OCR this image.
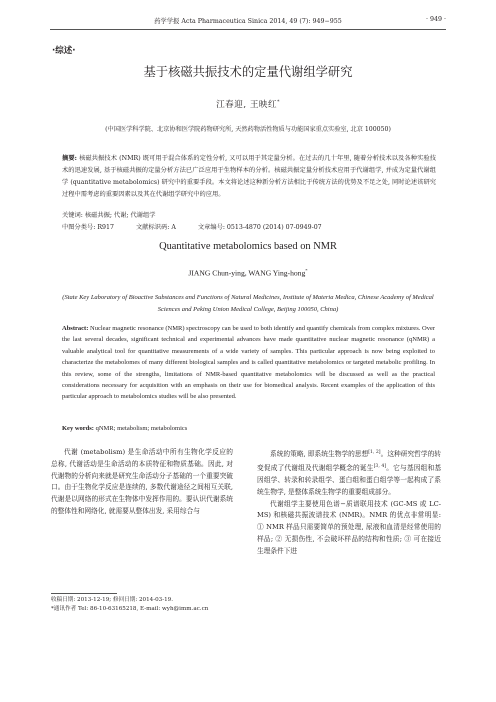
药学学报 Acta Pharmaceutica Sinica 2014, 49 (7): 949−955	· 949 ·
·综述·
基于核磁共振技术的定量代谢组学研究
江春迎, 王映红*
(中国医学科学院、北京协和医学院药物研究所, 天然药物活性物质与功能国家重点实验室, 北京 100050)
摘要: 核磁共振技术 (NMR) 既可用于混合体系的定性分析, 又可以用于其定量分析。在过去的几十年里, 随着分析技术以及各种实验技术的迅速发展, 基于核磁共振的定量分析方法已广泛应用于生物样本的分析。核磁共振定量分析技术应用于代谢组学, 并成为定量代谢组学 (quantitative metabolomics) 研究中的重要手段。本文将论述这种新分析方法相比于传统方法的优势及不足之处, 同时论述该研究过程中需考虑的重要因素以及其在代谢组学研究中的应用。
关键词: 核磁共振; 代谢; 代谢组学
中图分类号: R917	文献标识码: A	文章编号: 0513-4870 (2014) 07-0949-07
Quantitative metabolomics based on NMR
JIANG Chun-ying, WANG Ying-hong*
(State Key Laboratory of Bioactive Substances and Functions of Natural Medicines, Institute of Materia Medica, Chinese Academy of Medical Sciences and Peking Union Medical College, Beijing 100050, China)
Abstract: Nuclear magnetic resonance (NMR) spectroscopy can be used to both identify and quantify chemicals from complex mixtures. Over the last several decades, significant technical and experimental advances have made quantitative nuclear magnetic resonance (qNMR) a valuable analytical tool for quantitative measurements of a wide variety of samples. This particular approach is now being exploited to characterize the metabolomes of many different biological samples and is called quantitative metabolomics or targeted metabolic profiling. In this review, some of the strengths, limitations of NMR-based quantitative metabolomics will be discussed as well as the practical considerations necessary for acquisition with an emphasis on their use for biomedical analysis. Recent examples of the application of this particular approach to metabolomics studies will be also presented.
Key words: qNMR; metabolism; metabolomics

代谢 (metabolism) 是生命活动中所有生物化学反应的总称, 代谢活动是生命活动的本质特征和物质基础。因此, 对代谢物的分析向来就是研究生命活动分子基础的一个重要突破口。由于生物化学反应是连续的, 多数代谢途径之间相互关联, 代谢是以网络的形式在生物体中发挥作用的。要认识代谢系统的整体性和网络化, 就需要从整体出发, 采用综合与

系统的策略, 即系统生物学的思想[1, 2]。这种研究哲学的转变促成了代谢组及代谢组学概念的诞生[3, 4]。它与基因组和基因组学、转录和转录组学、蛋白组和蛋白组学等一起构成了系统生物学, 是整体系统生物学的重要组成部分。

代谢组学主要使用色谱−质谱联用技术 (GC-MS 或 LC-MS) 和核磁共振波谱技术 (NMR)。NMR 的优点非常明显: ① NMR 样品只需要简单的预处理, 尿液和血清是经常使用的样品; ② 无损伤性, 不会破坏样品的结构和性质; ③ 可在接近生理条件下进

收稿日期: 2013-12-19; 修回日期: 2014-03-19.
*通讯作者 Tel: 86-10-63165218, E-mail: wyh@imm.ac.cn
